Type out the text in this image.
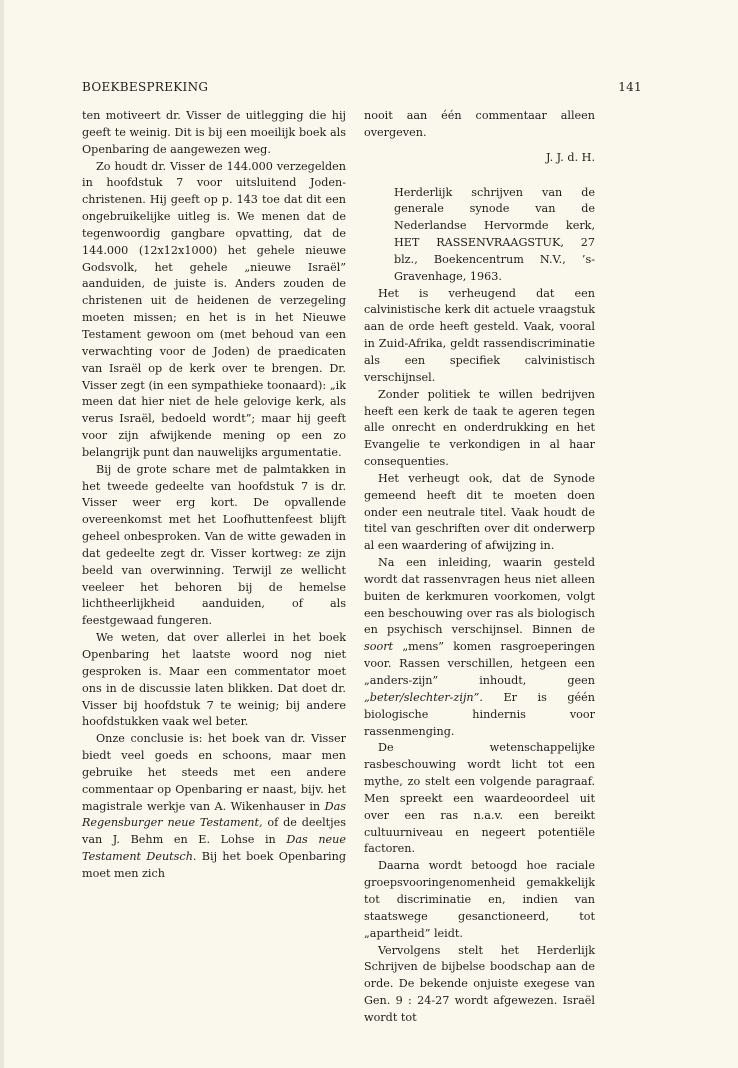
BOEKBESPREKING	141

ten motiveert dr. Visser de uitlegging die hij geeft te weinig. Dit is bij een moeilijk boek als Openbaring de aangewezen weg.

Zo houdt dr. Visser de 144.000 verzegelden in hoofdstuk 7 voor uitsluitend Joden-christenen. Hij geeft op p. 143 toe dat dit een ongebruikelijke uitleg is. We menen dat de tegenwoordig gangbare opvatting, dat de 144.000 (12x12x1000) het gehele nieuwe Godsvolk, het gehele „nieuwe Israël” aanduiden, de juiste is. Anders zouden de christenen uit de heidenen de verzegeling moeten missen; en het is in het Nieuwe Testament gewoon om (met behoud van een verwachting voor de Joden) de praedicaten van Israël op de kerk over te brengen. Dr. Visser zegt (in een sympathieke toonaard): „ik meen dat hier niet de hele gelovige kerk, als verus Israël, bedoeld wordt”; maar hij geeft voor zijn afwijkende mening op een zo belangrijk punt dan nauwelijks argumentatie.

Bij de grote schare met de palmtakken in het tweede gedeelte van hoofdstuk 7 is dr. Visser weer erg kort. De opvallende overeenkomst met het Loofhuttenfeest blijft geheel onbesproken. Van de witte gewaden in dat gedeelte zegt dr. Visser kortweg: ze zijn beeld van overwinning. Terwijl ze wellicht veeleer het behoren bij de hemelse lichtheerlijkheid aanduiden, of als feestgewaad fungeren.

We weten, dat over allerlei in het boek Openbaring het laatste woord nog niet gesproken is. Maar een commentator moet ons in de discussie laten blikken. Dat doet dr. Visser bij hoofdstuk 7 te weinig; bij andere hoofdstukken vaak wel beter.

Onze conclusie is: het boek van dr. Visser biedt veel goeds en schoons, maar men gebruike het steeds met een andere commentaar op Openbaring er naast, bijv. het magistrale werkje van A. Wikenhauser in Das Regensburger neue Testament, of de deeltjes van J. Behm en E. Lohse in Das neue Testament Deutsch. Bij het boek Openbaring moet men zich

nooit aan één commentaar alleen overgeven.

J. J. d. H.

Herderlijk schrijven van de generale synode van de Nederlandse Hervormde kerk, HET RASSENVRAAGSTUK, 27 blz., Boekencentrum N.V., ’s-Gravenhage, 1963.

Het is verheugend dat een calvinistische kerk dit actuele vraagstuk aan de orde heeft gesteld. Vaak, vooral in Zuid-Afrika, geldt rassendiscriminatie als een specifiek calvinistisch verschijnsel.

Zonder politiek te willen bedrijven heeft een kerk de taak te ageren tegen alle onrecht en onderdrukking en het Evangelie te verkondigen in al haar consequenties.

Het verheugt ook, dat de Synode gemeend heeft dit te moeten doen onder een neutrale titel. Vaak houdt de titel van geschriften over dit onderwerp al een waardering of afwijzing in.

Na een inleiding, waarin gesteld wordt dat rassenvragen heus niet alleen buiten de kerkmuren voorkomen, volgt een beschouwing over ras als biologisch en psychisch verschijnsel. Binnen de soort „mens” komen rasgroeperingen voor. Rassen verschillen, hetgeen een „anders-zijn” inhoudt, geen „beter/slechter-zijn”. Er is géén biologische hindernis voor rassenmenging.

De wetenschappelijke rasbeschouwing wordt licht tot een mythe, zo stelt een volgende paragraaf. Men spreekt een waardeoordeel uit over een ras n.a.v. een bereikt cultuurniveau en negeert potentiële factoren.

Daarna wordt betoogd hoe raciale groepsvooringenomenheid gemakkelijk tot discriminatie en, indien van staatswege gesanctioneerd, tot „apartheid” leidt.

Vervolgens stelt het Herderlijk Schrijven de bijbelse boodschap aan de orde. De bekende onjuiste exegese van Gen. 9 : 24-27 wordt afgewezen. Israël wordt tot
